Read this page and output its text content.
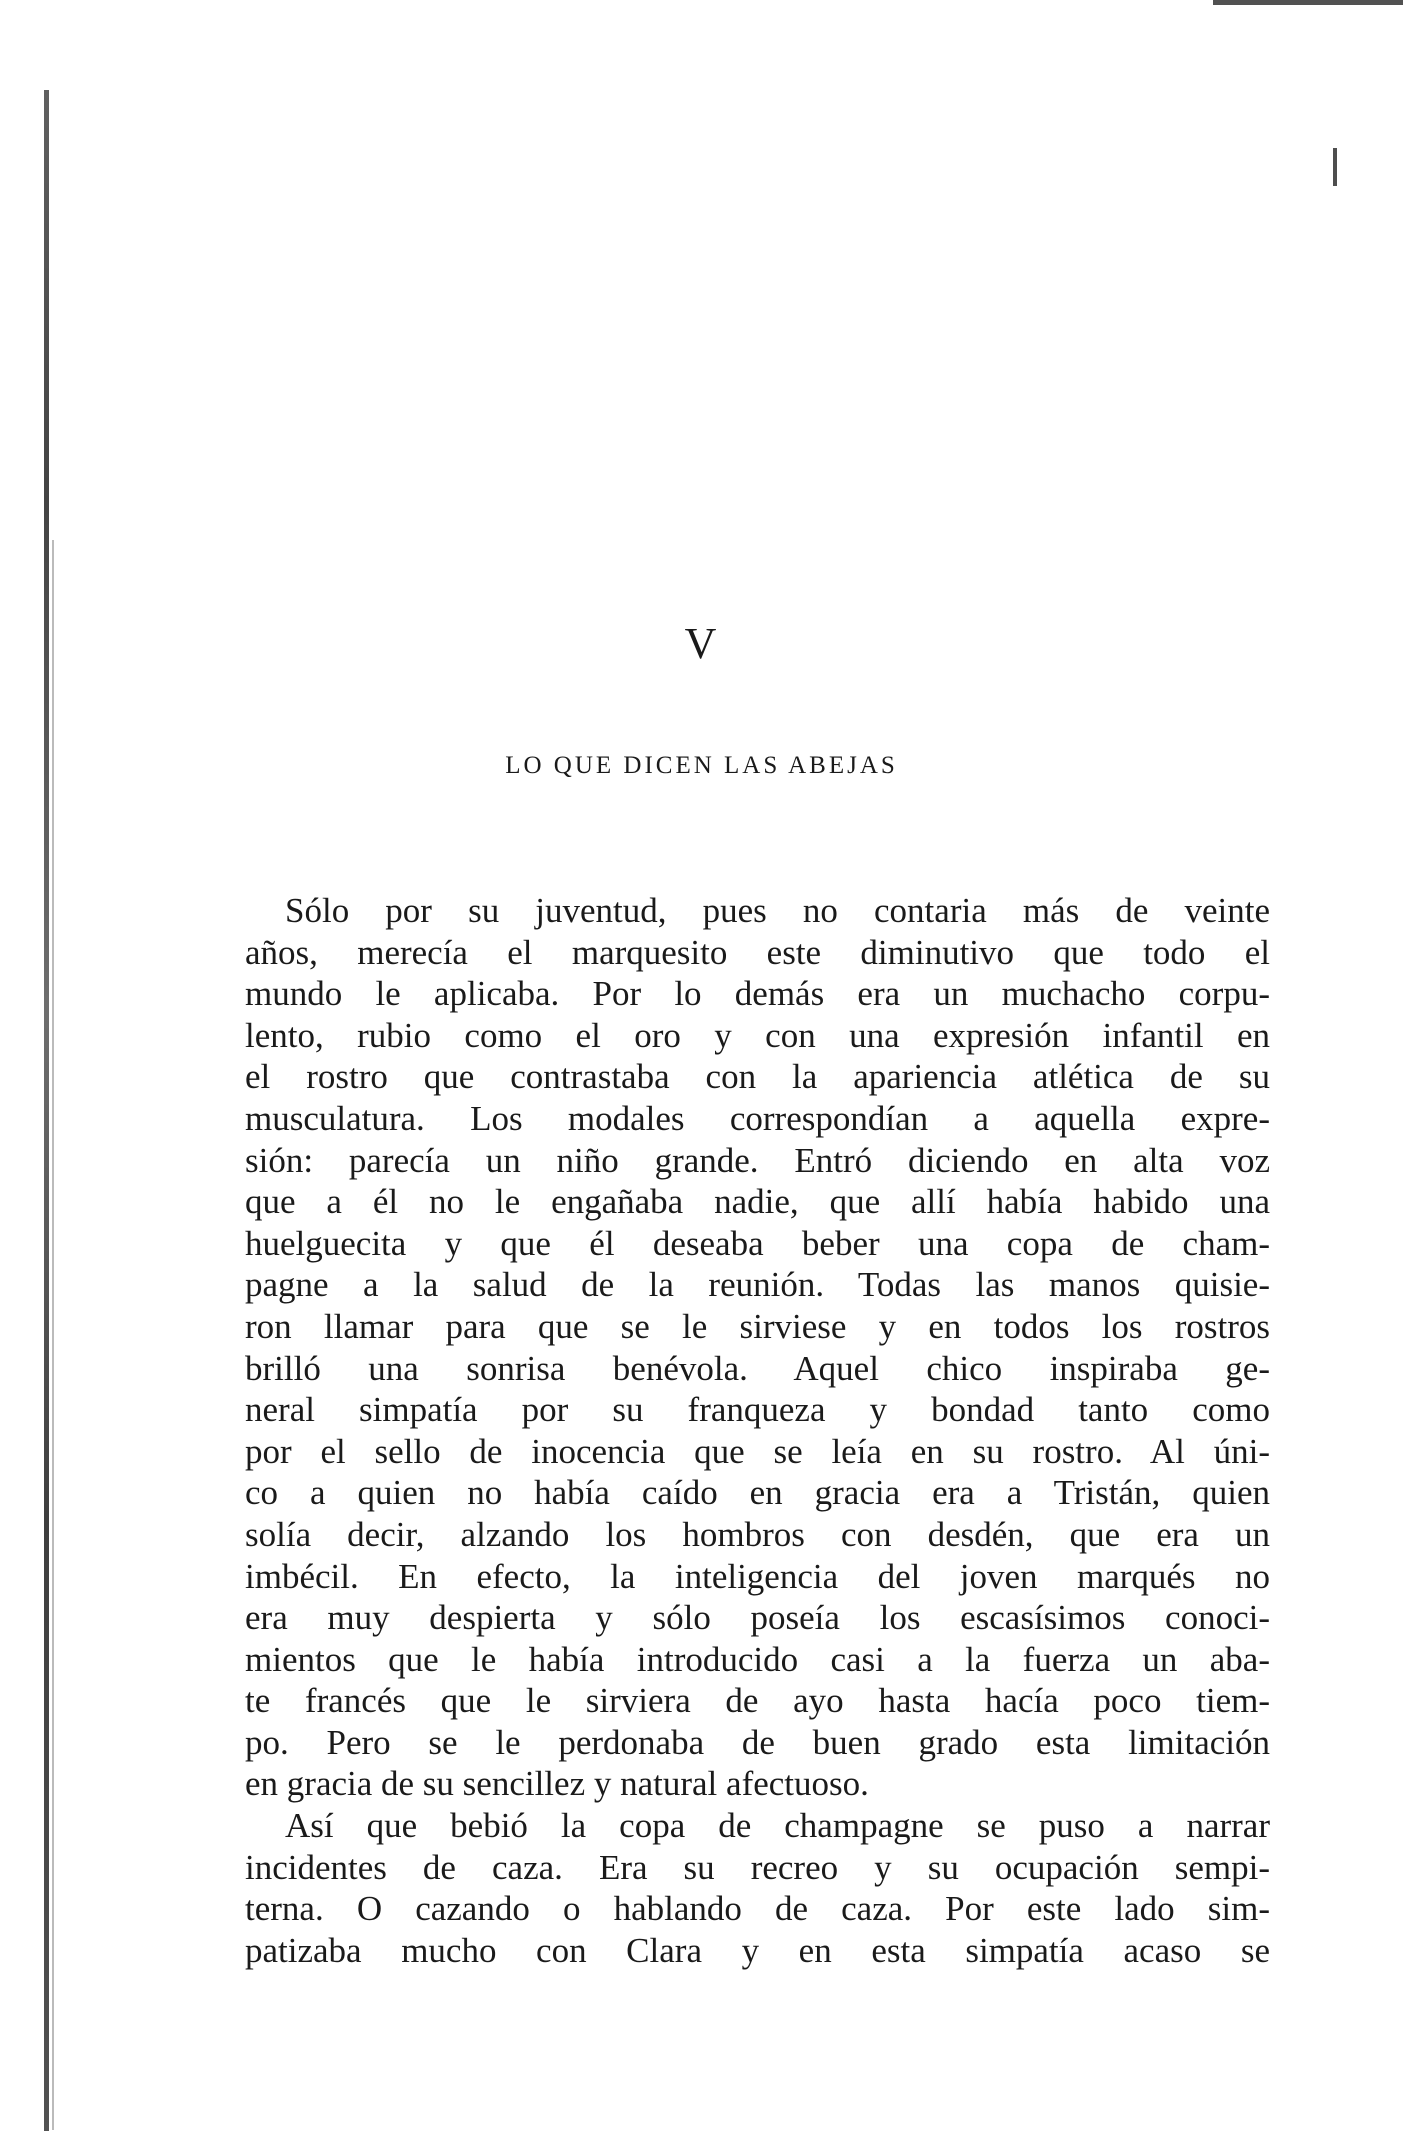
V
LO QUE DICEN LAS ABEJAS
Sólo por su juventud, pues no contaria más de veinte
años, merecía el marquesito este diminutivo que todo el
mundo le aplicaba. Por lo demás era un muchacho corpu-
lento, rubio como el oro y con una expresión infantil en
el rostro que contrastaba con la apariencia atlética de su
musculatura. Los modales correspondían a aquella expre-
sión: parecía un niño grande. Entró diciendo en alta voz
que a él no le engañaba nadie, que allí había habido una
huelguecita y que él deseaba beber una copa de cham-
pagne a la salud de la reunión. Todas las manos quisie-
ron llamar para que se le sirviese y en todos los rostros
brilló una sonrisa benévola. Aquel chico inspiraba ge-
neral simpatía por su franqueza y bondad tanto como
por el sello de inocencia que se leía en su rostro. Al úni-
co a quien no había caído en gracia era a Tristán, quien
solía decir, alzando los hombros con desdén, que era un
imbécil. En efecto, la inteligencia del joven marqués no
era muy despierta y sólo poseía los escasísimos conoci-
mientos que le había introducido casi a la fuerza un aba-
te francés que le sirviera de ayo hasta hacía poco tiem-
po. Pero se le perdonaba de buen grado esta limitación
en gracia de su sencillez y natural afectuoso.
Así que bebió la copa de champagne se puso a narrar
incidentes de caza. Era su recreo y su ocupación sempi-
terna. O cazando o hablando de caza. Por este lado sim-
patizaba mucho con Clara y en esta simpatía acaso se
